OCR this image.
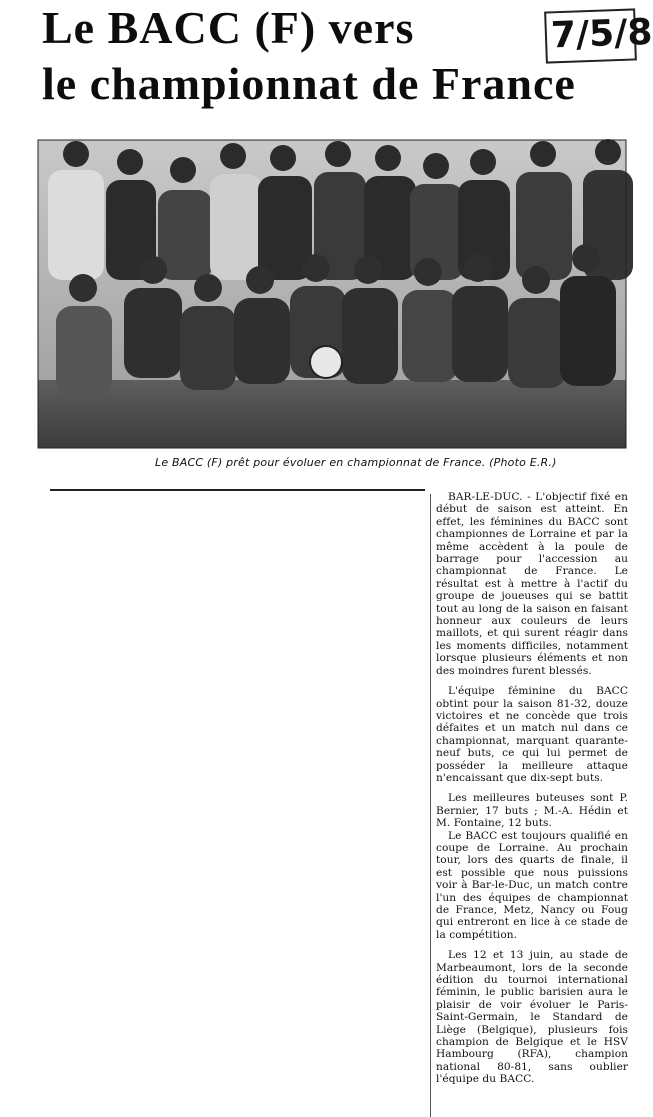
Le BACC (F) vers
le championnat de France
7/5/8
Le BACC (F) prêt pour évoluer en championnat de France. (Photo E.R.)

BAR-LE-DUC. - L'objectif fixé en début de saison est atteint. En effet, les féminines du BACC sont championnes de Lorraine et par la même accèdent à la poule de barrage pour l'accession au championnat de France. Le résultat est à mettre à l'actif du groupe de joueuses qui se battit tout au long de la saison en faisant honneur aux couleurs de leurs maillots, et qui surent réagir dans les moments difficiles, notamment lorsque plusieurs éléments et non des moindres furent blessés.

L'équipe féminine du BACC obtint pour la saison 81-32, douze victoires et ne concède que trois défaites et un match nul dans ce championnat, marquant quarante-neuf buts, ce qui lui permet de posséder la meilleure attaque n'encaissant que dix-sept buts.

Les meilleures buteuses sont P. Bernier, 17 buts ; M.-A. Hédin et M. Fontaine, 12 buts.

Le BACC est toujours qualifié en coupe de Lorraine. Au prochain tour, lors des quarts de finale, il est possible que nous puissions voir à Bar-le-Duc, un match contre l'un des équipes de championnat de France, Metz, Nancy ou Foug qui entreront en lice à ce stade de la compétition.

Les 12 et 13 juin, au stade de Marbeaumont, lors de la seconde édition du tournoi international féminin, le public barisien aura le plaisir de voir évoluer le Paris-Saint-Germain, le Standard de Liège (Belgique), plusieurs fois champion de Belgique et le HSV Hambourg (RFA), champion national 80-81, sans oublier l'équipe du BACC.
